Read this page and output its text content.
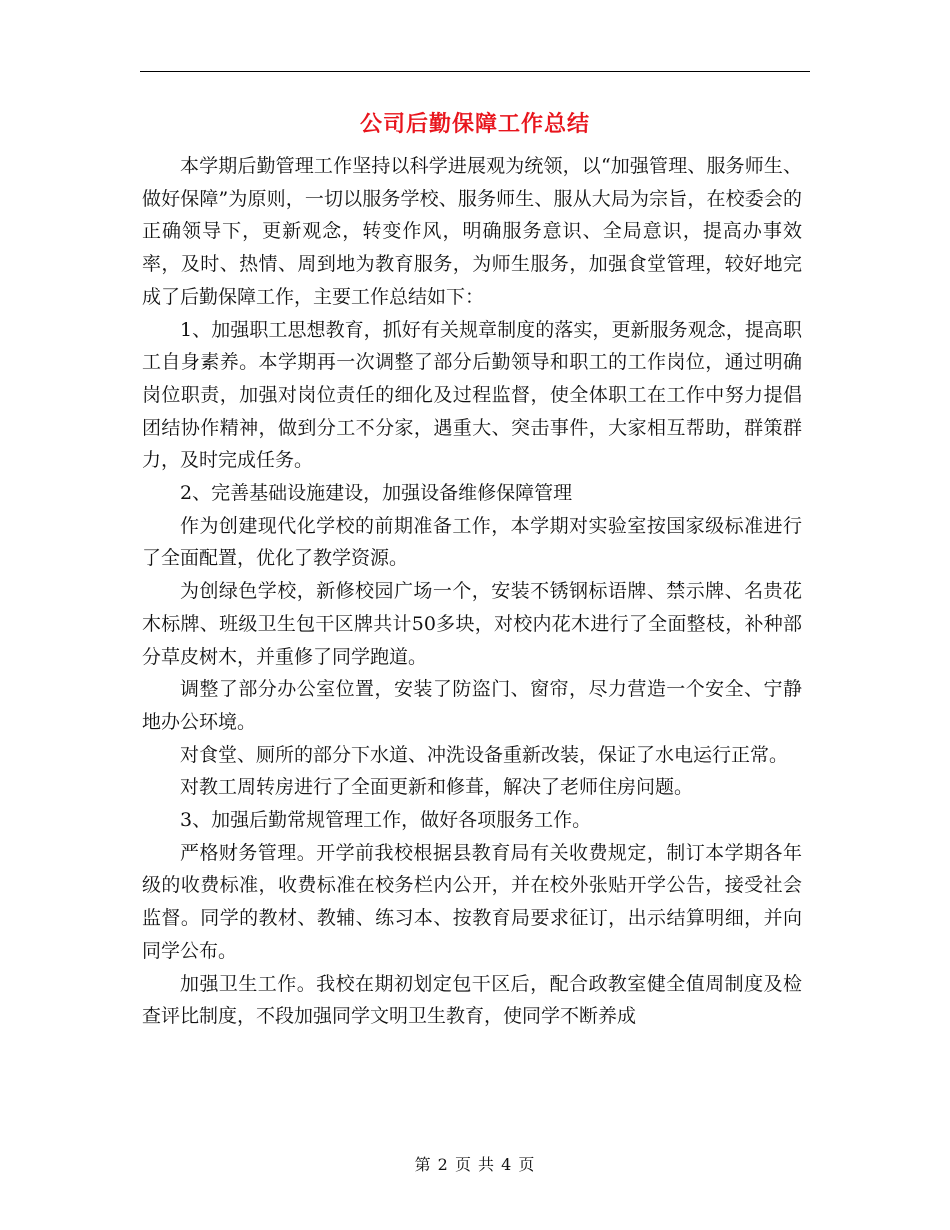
公司后勤保障工作总结

本学期后勤管理工作坚持以科学进展观为统领，以“加强管理、服务师生、做好保障”为原则，一切以服务学校、服务师生、服从大局为宗旨，在校委会的正确领导下，更新观念，转变作风，明确服务意识、全局意识，提高办事效率，及时、热情、周到地为教育服务，为师生服务，加强食堂管理，较好地完成了后勤保障工作，主要工作总结如下：

1、加强职工思想教育，抓好有关规章制度的落实，更新服务观念，提高职工自身素养。本学期再一次调整了部分后勤领导和职工的工作岗位，通过明确岗位职责，加强对岗位责任的细化及过程监督，使全体职工在工作中努力提倡团结协作精神，做到分工不分家，遇重大、突击事件，大家相互帮助，群策群力，及时完成任务。

2、完善基础设施建设，加强设备维修保障管理

作为创建现代化学校的前期准备工作，本学期对实验室按国家级标准进行了全面配置，优化了教学资源。

为创绿色学校，新修校园广场一个，安装不锈钢标语牌、禁示牌、名贵花木标牌、班级卫生包干区牌共计50多块，对校内花木进行了全面整枝，补种部分草皮树木，并重修了同学跑道。

调整了部分办公室位置，安装了防盗门、窗帘，尽力营造一个安全、宁静地办公环境。

对食堂、厕所的部分下水道、冲洗设备重新改装，保证了水电运行正常。

对教工周转房进行了全面更新和修葺，解决了老师住房问题。

3、加强后勤常规管理工作，做好各项服务工作。

严格财务管理。开学前我校根据县教育局有关收费规定，制订本学期各年级的收费标准，收费标准在校务栏内公开，并在校外张贴开学公告，接受社会监督。同学的教材、教辅、练习本、按教育局要求征订，出示结算明细，并向同学公布。

加强卫生工作。我校在期初划定包干区后，配合政教室健全值周制度及检查评比制度，不段加强同学文明卫生教育，使同学不断养成

第 2 页 共 4 页
